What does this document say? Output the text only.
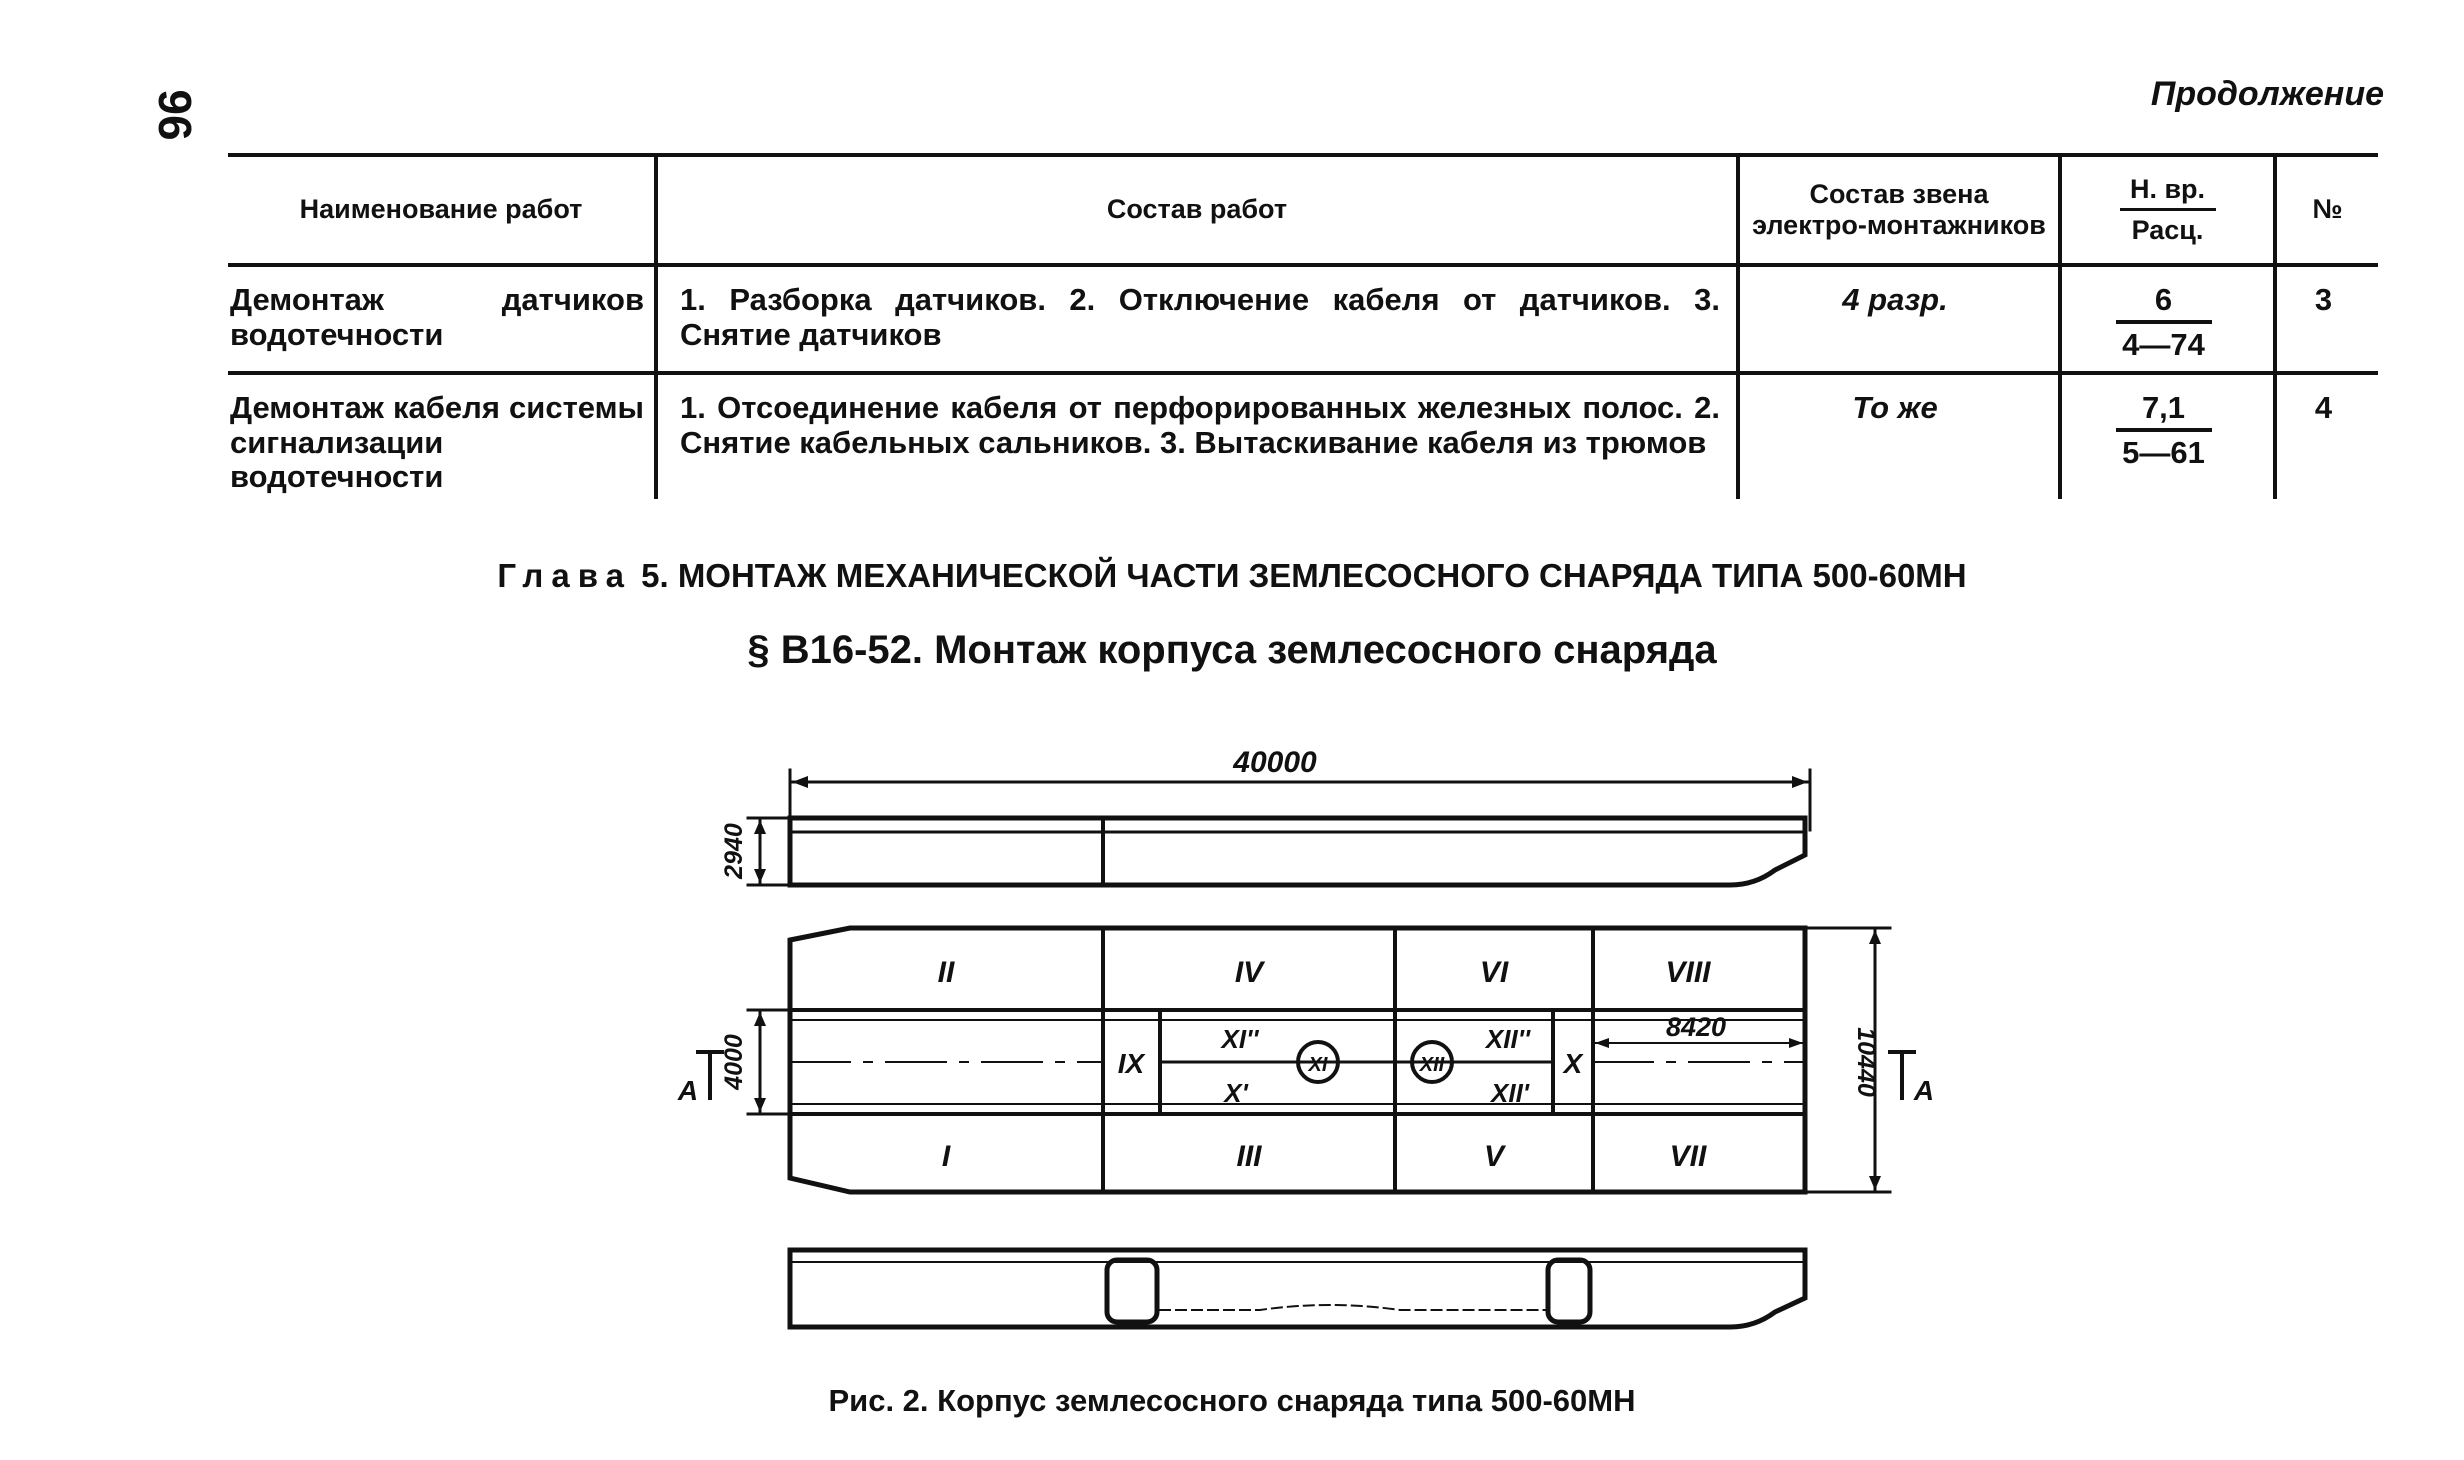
96	Продолжение
Наименование работ	Состав работ	Состав звена электро-монтажников	$\frac{Н. вр.}{\text{Расц.}}$	№
Демонтаж датчиков водотечности	1. Разборка датчиков. 2. Отключение кабеля от датчиков. 3. Снятие датчиков	4 разр.	$\frac{6}{4—74}$	3
Демонтаж кабеля системы сигнализации водотечности	1. Отсоединение кабеля от перфорированных железных полос. 2. Снятие кабельных сальников. 3. Вытаскивание кабеля из трюмов	То же	$\frac{7,1}{5—61}$	4
Глава 5. МОНТАЖ МЕХАНИЧЕСКОЙ ЧАСТИ ЗЕМЛЕСОСНОГО СНАРЯДА ТИПА 500-60МН
§ В16-52. Монтаж корпуса землесосного снаряда
40000
2940
4000	10440
8420
А	А
II	IV	VI	VIII
I	III	V	VII
IX	X
XI	XII
XI''
X'
XII''
XII'
Рис. 2. Корпус землесосного снаряда типа 500-60МН
